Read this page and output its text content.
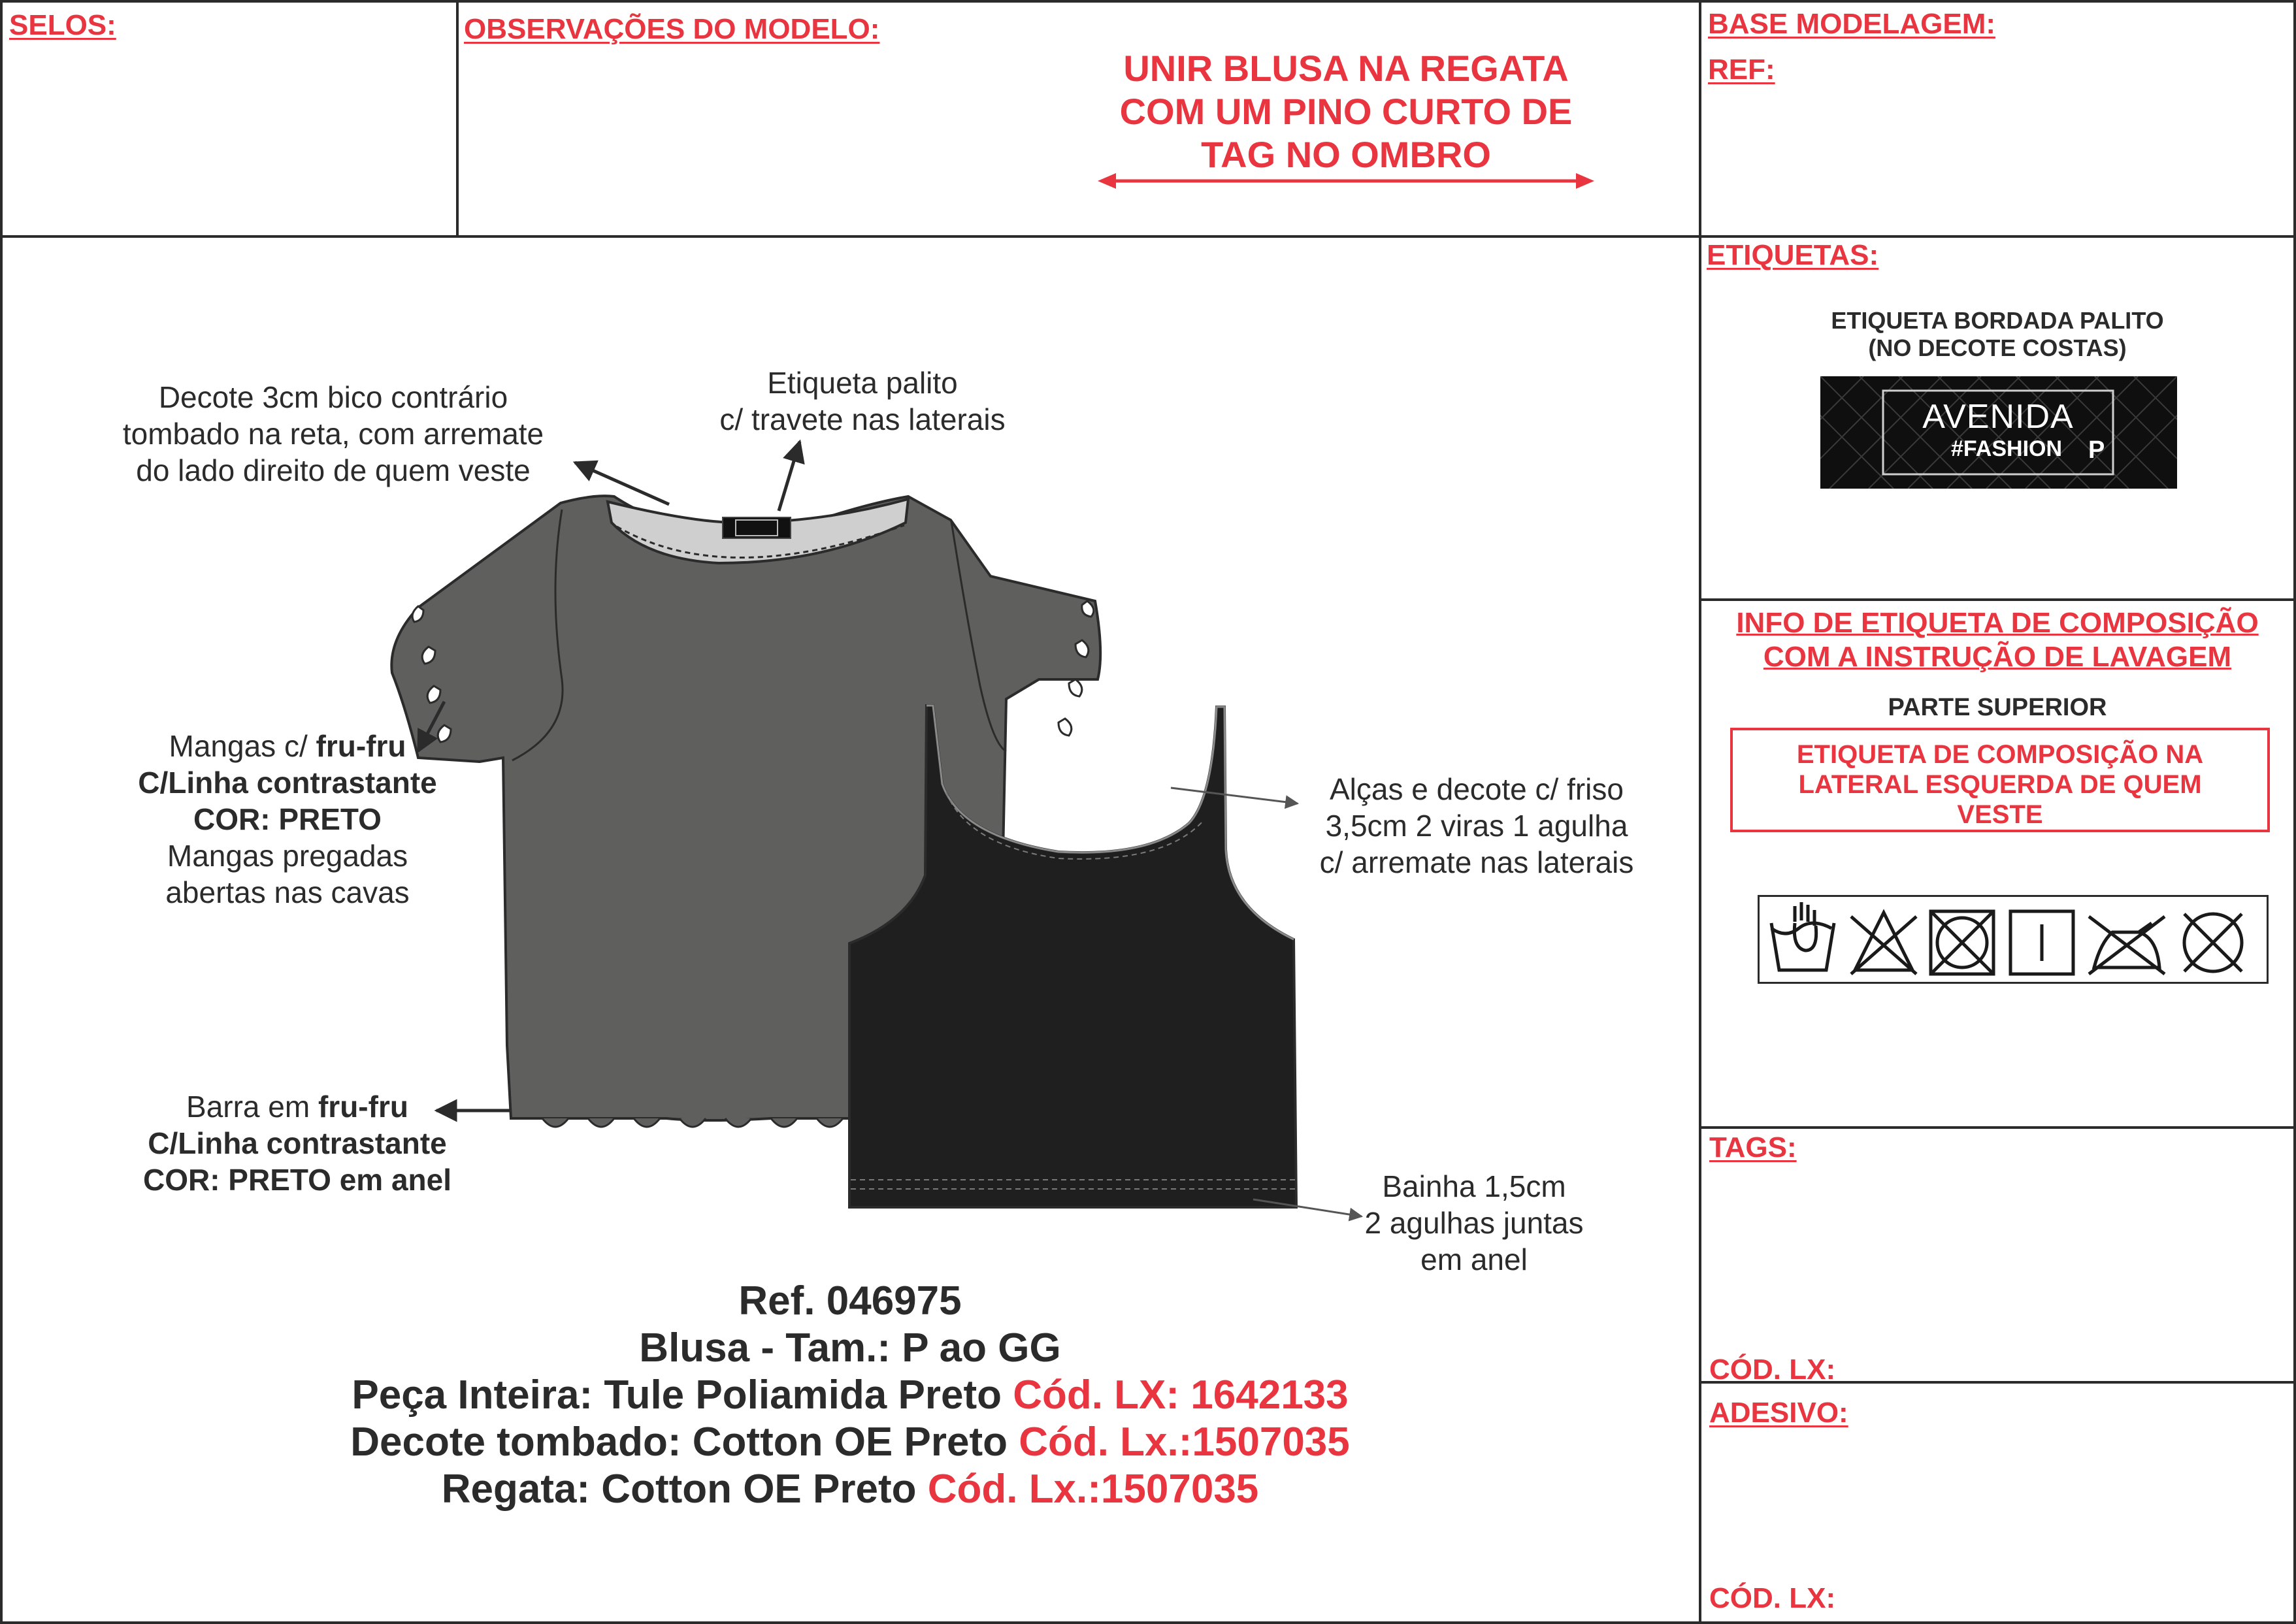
SELOS:	OBSERVAÇÕES DO MODELO:
UNIR BLUSA NA REGATA
COM UM PINO CURTO DE
TAG NO OMBRO
BASE MODELAGEM:
REF:
ETIQUETAS:
ETIQUETA BORDADA PALITO
(NO DECOTE COSTAS)
AVENIDA
#FASHION P
INFO DE ETIQUETA DE COMPOSIÇÃO
COM A INSTRUÇÃO DE LAVAGEM
PARTE SUPERIOR
ETIQUETA DE COMPOSIÇÃO NA
LATERAL ESQUERDA DE QUEM
VESTE
TAGS:
CÓD. LX:
ADESIVO:
CÓD. LX:
Decote 3cm bico contrário
tombado na reta, com arremate
do lado direito de quem veste
Etiqueta palito
c/ travete nas laterais
Mangas c/ fru-fru
C/Linha contrastante
COR: PRETO
Mangas pregadas
abertas nas cavas
Alças e decote c/ friso
3,5cm 2 viras 1 agulha
c/ arremate nas laterais
Barra em fru-fru
C/Linha contrastante
COR: PRETO em anel	Bainha 1,5cm
2 agulhas juntas
em anel
Ref. 046975
Blusa - Tam.: P ao GG
Peça Inteira: Tule Poliamida Preto Cód. LX: 1642133
Decote tombado: Cotton OE Preto Cód. Lx.:1507035
Regata: Cotton OE Preto Cód. Lx.:1507035
